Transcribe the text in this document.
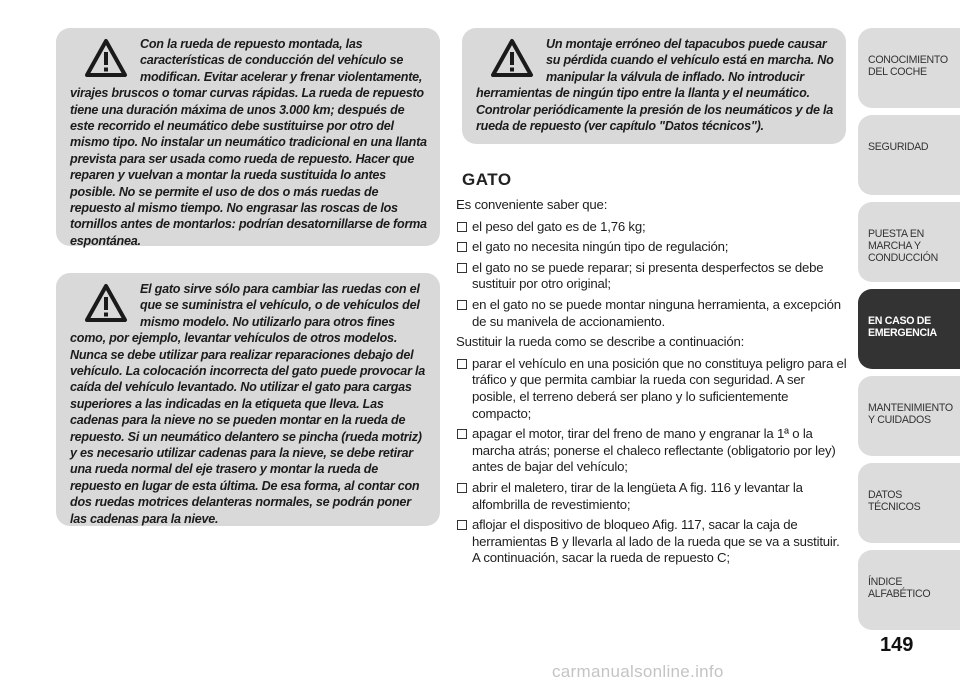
Con la rueda de repuesto montada, las características de conducción del vehículo se modifican. Evitar acelerar y frenar violentamente, virajes bruscos o tomar curvas rápidas. La rueda de repuesto tiene una duración máxima de unos 3.000 km; después de este recorrido el neumático debe sustituirse por otro del mismo tipo. No instalar un neumático tradicional en una llanta prevista para ser usada como rueda de repuesto. Hacer que reparen y vuelvan a montar la rueda sustituida lo antes posible. No se permite el uso de dos o más ruedas de repuesto al mismo tiempo. No engrasar las roscas de los tornillos antes de montarlos: podrían desatornillarse de forma espontánea.
El gato sirve sólo para cambiar las ruedas con el que se suministra el vehículo, o de vehículos del mismo modelo. No utilizarlo para otros fines como, por ejemplo, levantar vehículos de otros modelos. Nunca se debe utilizar para realizar reparaciones debajo del vehículo. La colocación incorrecta del gato puede provocar la caída del vehículo levantado. No utilizar el gato para cargas superiores a las indicadas en la etiqueta que lleva. Las cadenas para la nieve no se pueden montar en la rueda de repuesto. Si un neumático delantero se pincha (rueda motriz) y es necesario utilizar cadenas para la nieve, se debe retirar una rueda normal del eje trasero y montar la rueda de repuesto en lugar de esta última. De esa forma, al contar con dos ruedas motrices delanteras normales, se podrán poner las cadenas para la nieve.
Un montaje erróneo del tapacubos puede causar su pérdida cuando el vehículo está en marcha. No manipular la válvula de inflado. No introducir herramientas de ningún tipo entre la llanta y el neumático. Controlar periódicamente la presión de los neumáticos y de la rueda de repuesto (ver capítulo "Datos técnicos").
GATO

Es conveniente saber que:

el peso del gato es de 1,76 kg;
el gato no necesita ningún tipo de regulación;
el gato no se puede reparar; si presenta desperfectos se debe sustituir por otro original;
en el gato no se puede montar ninguna herramienta, a excepción de su manivela de accionamiento.

Sustituir la rueda como se describe a continuación:

parar el vehículo en una posición que no constituya peligro para el tráfico y que permita cambiar la rueda con seguridad. A ser posible, el terreno deberá ser plano y lo suficientemente compacto;
apagar el motor, tirar del freno de mano y engranar la 1ª o la marcha atrás; ponerse el chaleco reflectante (obligatorio por ley) antes de bajar del vehículo;
abrir el maletero, tirar de la lengüeta A fig. 116 y levantar la alfombrilla de revestimiento;
aflojar el dispositivo de bloqueo Afig. 117, sacar la caja de herramientas B y llevarla al lado de la rueda que se va a sustituir. A continuación, sacar la rueda de repuesto C;
CONOCIMIENTO DEL COCHE
SEGURIDAD
PUESTA EN MARCHA Y CONDUCCIÓN
EN CASO DE EMERGENCIA
MANTENIMIENTO Y CUIDADOS
DATOS TÉCNICOS
ÍNDICE ALFABÉTICO
149
carmanualsonline.info
